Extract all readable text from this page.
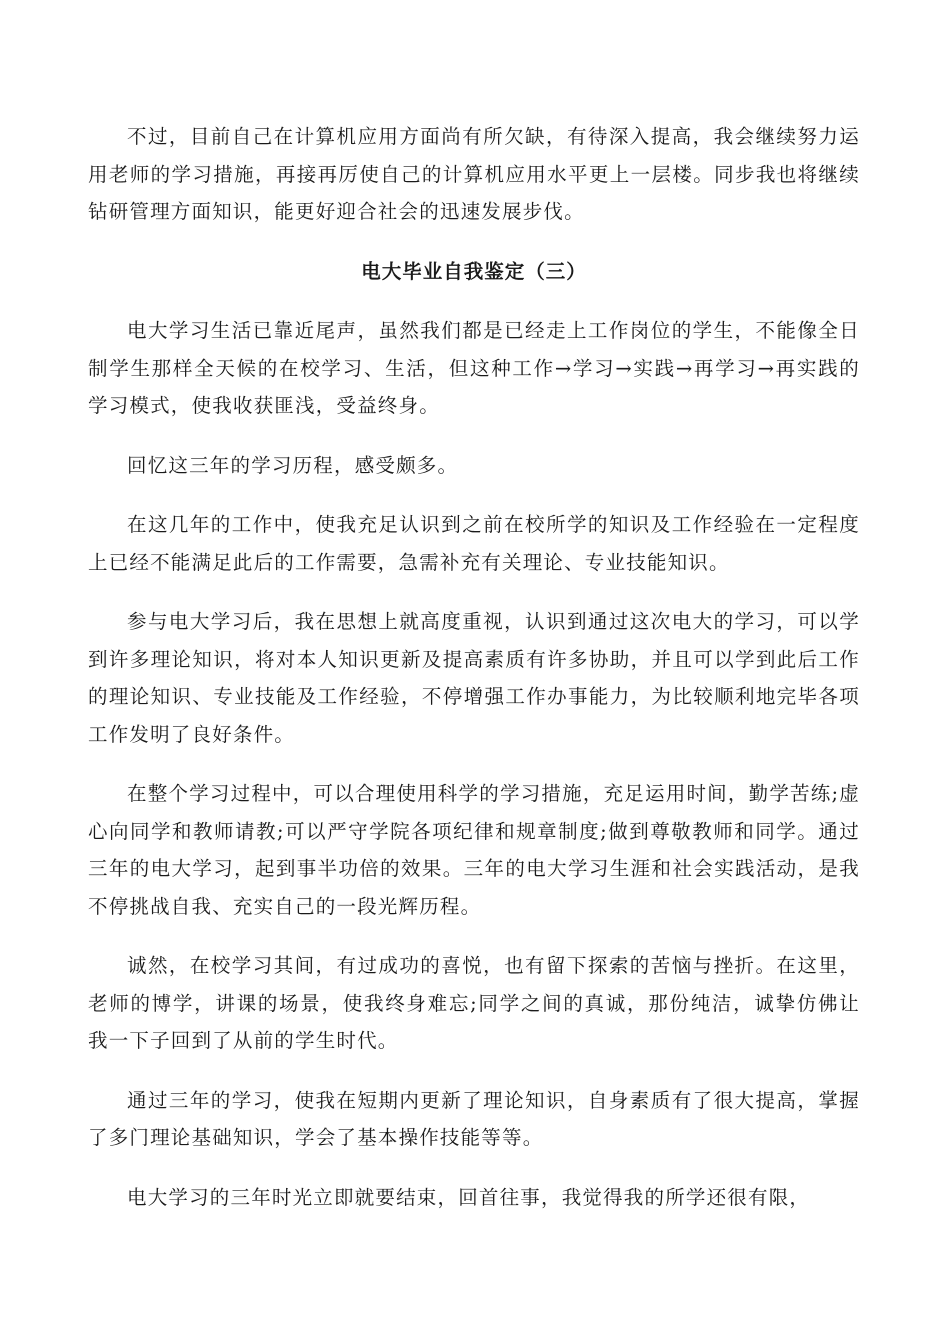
不过，目前自己在计算机应用方面尚有所欠缺，有待深入提高，我会继续努力运用老师的学习措施，再接再厉使自己的计算机应用水平更上一层楼。同步我也将继续钻研管理方面知识，能更好迎合社会的迅速发展步伐。

电大毕业自我鉴定（三）

电大学习生活已靠近尾声，虽然我们都是已经走上工作岗位的学生，不能像全日制学生那样全天候的在校学习、生活，但这种工作→学习→实践→再学习→再实践的学习模式，使我收获匪浅，受益终身。

回忆这三年的学习历程，感受颇多。

在这几年的工作中，使我充足认识到之前在校所学的知识及工作经验在一定程度上已经不能满足此后的工作需要，急需补充有关理论、专业技能知识。

参与电大学习后，我在思想上就高度重视，认识到通过这次电大的学习，可以学到许多理论知识，将对本人知识更新及提高素质有许多协助，并且可以学到此后工作的理论知识、专业技能及工作经验，不停增强工作办事能力，为比较顺利地完毕各项工作发明了良好条件。

在整个学习过程中，可以合理使用科学的学习措施，充足运用时间，勤学苦练;虚心向同学和教师请教;可以严守学院各项纪律和规章制度;做到尊敬教师和同学。通过三年的电大学习，起到事半功倍的效果。三年的电大学习生涯和社会实践活动，是我不停挑战自我、充实自己的一段光辉历程。

诚然，在校学习其间，有过成功的喜悦，也有留下探索的苦恼与挫折。在这里，老师的博学，讲课的场景，使我终身难忘;同学之间的真诚，那份纯洁，诚挚仿佛让我一下子回到了从前的学生时代。

通过三年的学习，使我在短期内更新了理论知识，自身素质有了很大提高，掌握了多门理论基础知识，学会了基本操作技能等等。

电大学习的三年时光立即就要结束，回首往事，我觉得我的所学还很有限，
